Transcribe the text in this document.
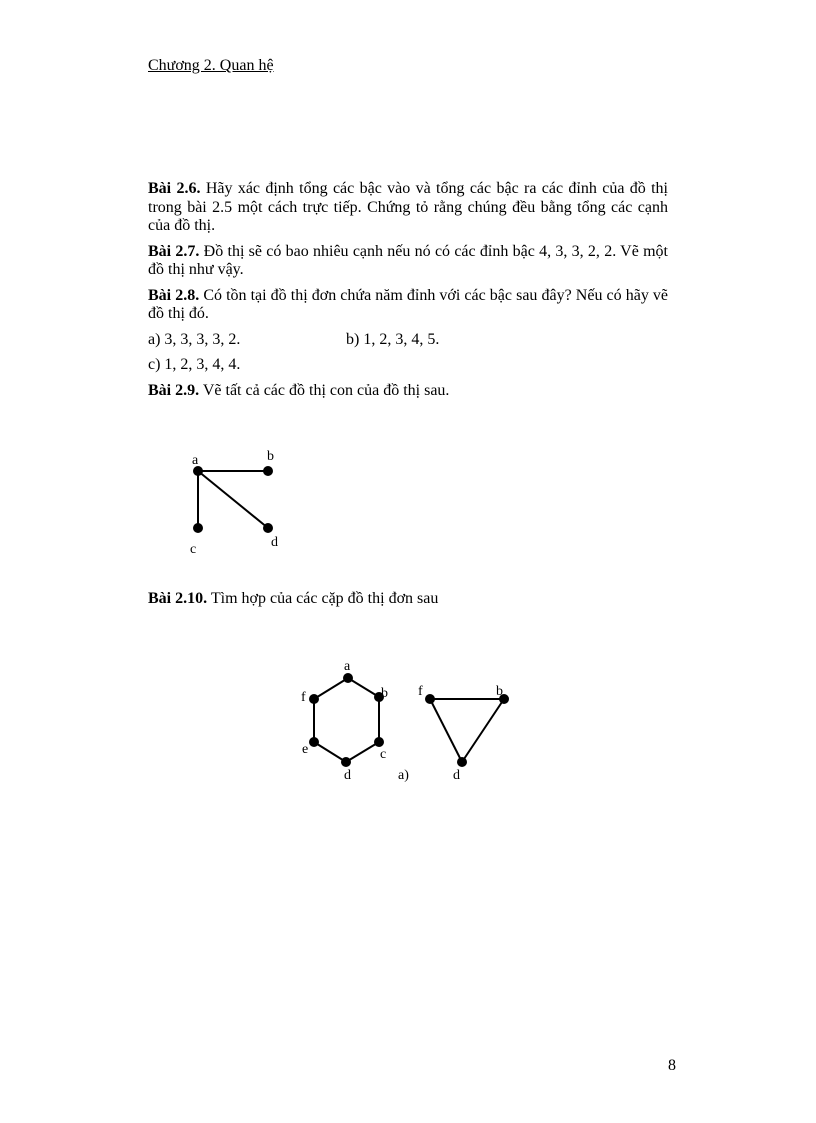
Chương 2. Quan hệ

Bài 2.6. Hãy xác định tổng các bậc vào và tổng các bậc ra các đỉnh của đồ thị trong bài 2.5 một cách trực tiếp. Chứng tỏ rằng chúng đều bằng tổng các cạnh của đồ thị.

Bài 2.7. Đồ thị sẽ có bao nhiêu cạnh nếu nó có các đỉnh bậc 4, 3, 3, 2, 2. Vẽ một đồ thị như vậy.

Bài 2.8. Có tồn tại đồ thị đơn chứa năm đỉnh với các bậc sau đây? Nếu có hãy vẽ đồ thị đó.

a) 3, 3, 3, 3, 2.	b) 1, 2, 3, 4, 5.
c) 1, 2, 3, 4, 4.

Bài 2.9. Vẽ tất cả các đồ thị con của đồ thị sau.

a	b
c	d

Bài 2.10. Tìm hợp của các cặp đồ thị đơn sau

a
b
c
d
e
f
a)
f	b
d
8
